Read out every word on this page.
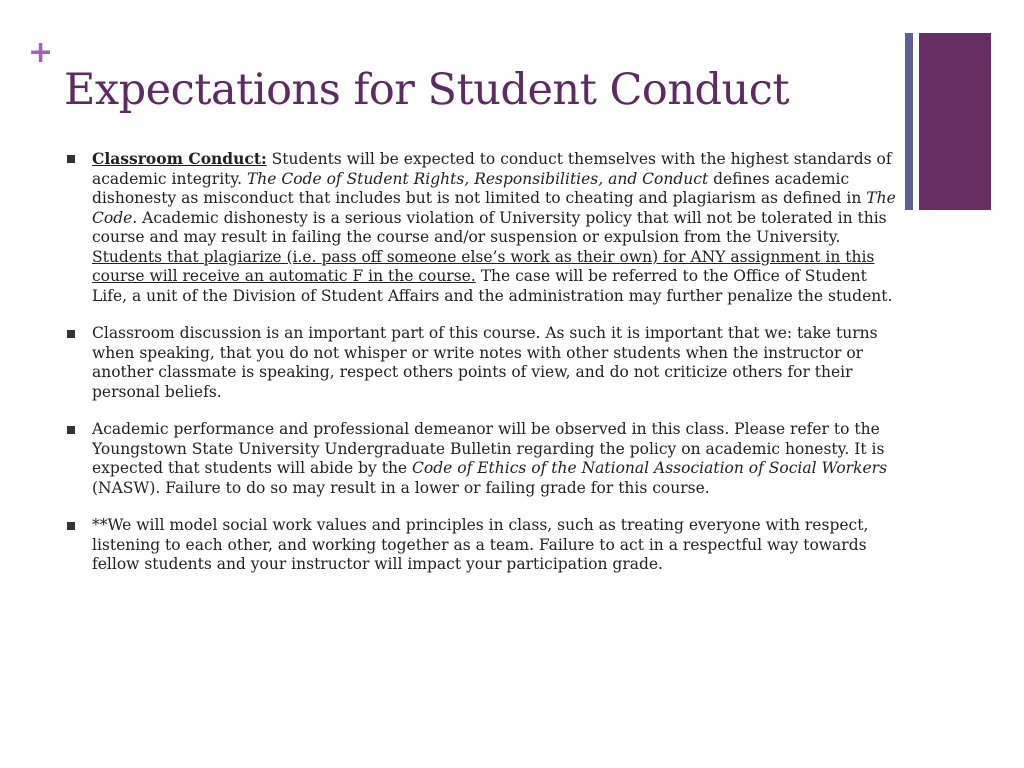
+
Expectations for Student Conduct
Classroom Conduct: Students will be expected to conduct themselves with the highest standards of academic integrity. The Code of Student Rights, Responsibilities, and Conduct defines academic dishonesty as misconduct that includes but is not limited to cheating and plagiarism as defined in The Code. Academic dishonesty is a serious violation of University policy that will not be tolerated in this course and may result in failing the course and/or suspension or expulsion from the University. Students that plagiarize (i.e. pass off someone else’s work as their own) for ANY assignment in this course will receive an automatic F in the course. The case will be referred to the Office of Student Life, a unit of the Division of Student Affairs and the administration may further penalize the student.
Classroom discussion is an important part of this course. As such it is important that we: take turns when speaking, that you do not whisper or write notes with other students when the instructor or another classmate is speaking, respect others points of view, and do not criticize others for their personal beliefs.
Academic performance and professional demeanor will be observed in this class. Please refer to the Youngstown State University Undergraduate Bulletin regarding the policy on academic honesty. It is expected that students will abide by the Code of Ethics of the National Association of Social Workers (NASW). Failure to do so may result in a lower or failing grade for this course.
**We will model social work values and principles in class, such as treating everyone with respect, listening to each other, and working together as a team. Failure to act in a respectful way towards fellow students and your instructor will impact your participation grade.
